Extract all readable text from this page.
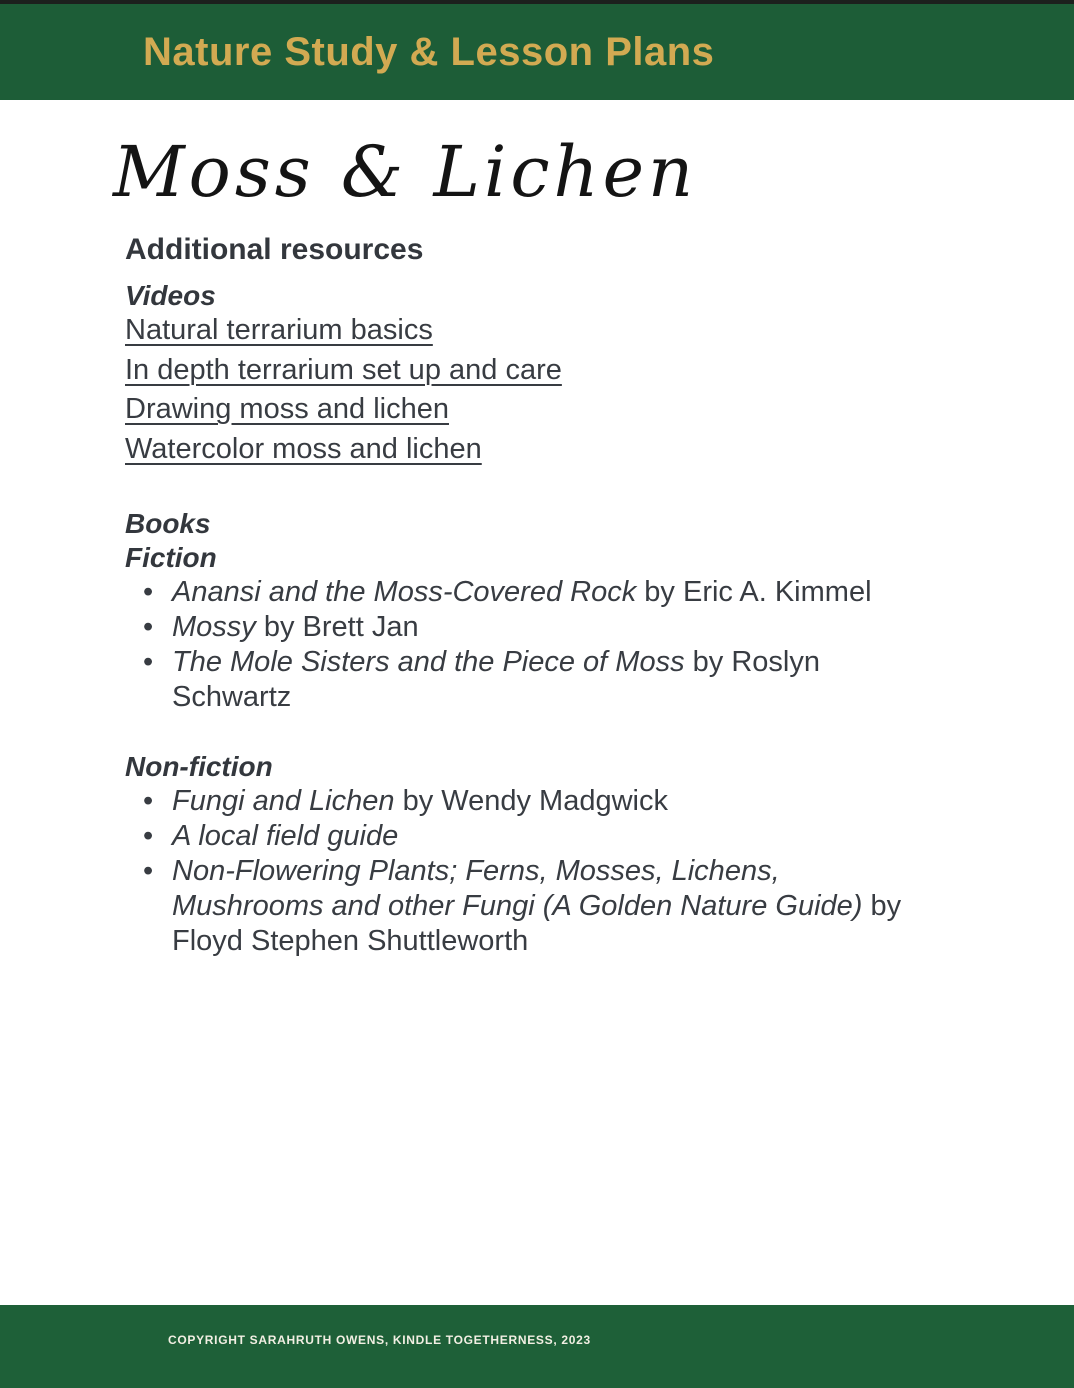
Nature Study & Lesson Plans
Moss & Lichen
Additional resources
Videos
Natural terrarium basics
In depth terrarium set up and care
Drawing moss and lichen
Watercolor moss and lichen
Books
Fiction
• Anansi and the Moss-Covered Rock by Eric A. Kimmel
• Mossy by Brett Jan
• The Mole Sisters and the Piece of Moss by Roslyn Schwartz
Non-fiction
• Fungi and Lichen by Wendy Madgwick
• A local field guide
• Non-Flowering Plants; Ferns, Mosses, Lichens, Mushrooms and other Fungi (A Golden Nature Guide) by Floyd Stephen Shuttleworth
COPYRIGHT SARAHRUTH OWENS, KINDLE TOGETHERNESS, 2023
